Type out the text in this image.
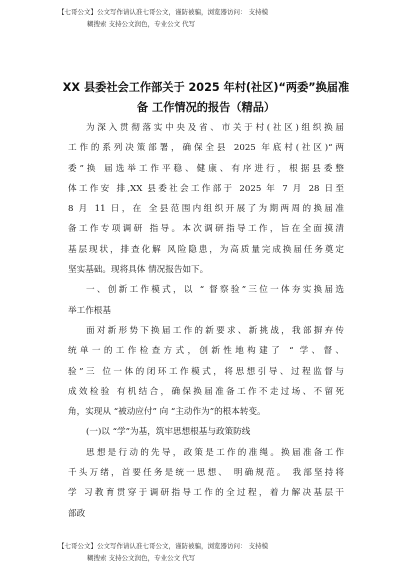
【七哥公文】公文写作请认准七哥公文，谨防被骗，浏览器访问： 支持模
糊搜索 支持公文润色，专业公文 代写
XX 县委社会工作部关于 2025 年村(社区)“两委”换届准
备 工作情况的报告（精品）
为深入贯彻落实中央及省、市关于村(社区)组织换届
工作的系列决策部署，确保全县 2025 年底村(社区)“两
委”换 届选举工作平稳、健康、有序进行，根据县委整
体工作安 排,XX 县委社会工作部于 2025 年 7 月 28 日至
8 月 11 日，在 全县范围内组织开展了为期两周的换届准
备工作专项调研 指导。本次调研指导工作，旨在全面摸清
基层现状，排查化解 风险隐患，为高质量完成换届任务奠定
坚实基础。现将具体 情况报告如下。
一、创新工作模式，以 “ 督察验”三位一体夯实换届选
举工作根基
面对新形势下换届工作的新要求、新挑战，我部摒弃传
统单一的工作检查方式，创新性地构建了 “ 学、督、
验”三 位一体的闭环工作模式，将思想引导、过程监督与
成效检验 有机结合，确保换届准备工作不走过场、不留死
角，实现从 “被动应付” 向 “主动作为”的根本转变。
(一)以 “学”为基，筑牢思想根基与政策防线
思想是行动的先导，政策是工作的准绳。换届准备工作
千头万绪，首要任务是统一思想、 明确规范。 我部坚持将
学 习教育贯穿于调研指导工作的全过程，着力解决基层干
部政
【七哥公文】公文写作请认准七哥公文，谨防被骗，浏览器访问： 支持模
糊搜索 支持公文润色，专业公文 代写
